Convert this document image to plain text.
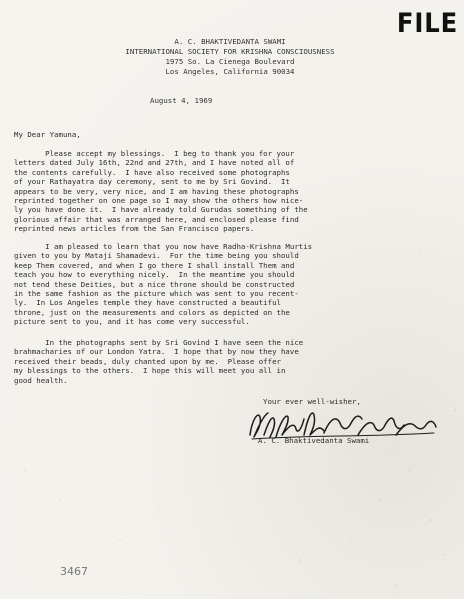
FILE
A. C. BHAKTIVEDANTA SWAMI
INTERNATIONAL SOCIETY FOR KRISHNA CONSCIOUSNESS
1975 So. La Cienega Boulevard
Los Angeles, California 90034
August 4, 1969
My Dear Yamuna,
Please accept my blessings.  I beg to thank you for your
letters dated July 16th, 22nd and 27th, and I have noted all of
the contents carefully.  I have also received some photographs
of your Rathayatra day ceremony, sent to me by Sri Govind.  It
appears to be very, very nice, and I am having these photographs
reprinted together on one page so I may show the others how nice-
ly you have done it.  I have already told Gurudas something of the
glorious affair that was arranged here, and enclosed please find
reprinted news articles from the San Francisco papers.
I am pleased to learn that you now have Radha-Krishna Murtis
given to you by Mataji Shamadevi.  For the time being you should
keep Them covered, and when I go there I shall install Them and
teach you how to everything nicely.  In the meantime you should
not tend these Deities, but a nice throne should be constructed
in the same fashion as the picture which was sent to you recent-
ly.  In Los Angeles temple they have constructed a beautiful
throne, just on the measurements and colors as depicted on the
picture sent to you, and it has come very successful.
In the photographs sent by Sri Govind I have seen the nice
brahmacharies of our London Yatra.  I hope that by now they have
received their beads, duly chanted upon by me.  Please offer
my blessings to the others.  I hope this will meet you all in
good health.
Your ever well-wisher,
A. C. Bhaktivedanta Swami
3467
